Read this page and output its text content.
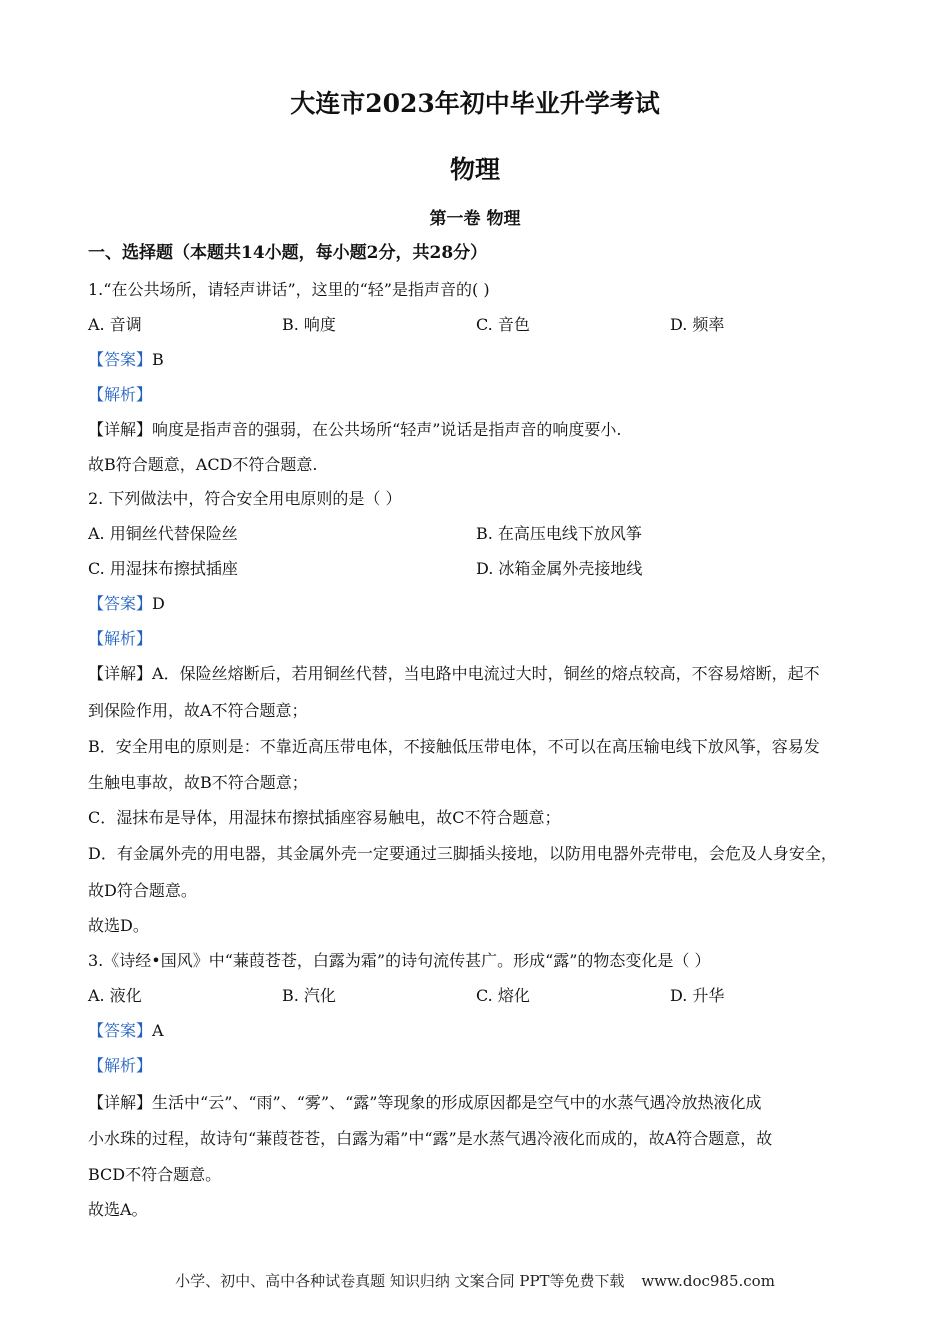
大连市2023年初中毕业升学考试
物理
第一卷 物理
一、选择题（本题共14小题，每小题2分，共28分）
1.“在公共场所，请轻声讲话”，这里的“轻”是指声音的( )
A. 音调	B. 响度	C. 音色	D. 频率
【答案】B
【解析】
【详解】响度是指声音的强弱，在公共场所“轻声”说话是指声音的响度要小.
故B符合题意，ACD不符合题意.
2. 下列做法中，符合安全用电原则的是（ ）
A. 用铜丝代替保险丝	B. 在高压电线下放风筝
C. 用湿抹布擦拭插座	D. 冰箱金属外壳接地线
【答案】D
【解析】
【详解】A．保险丝熔断后，若用铜丝代替，当电路中电流过大时，铜丝的熔点较高，不容易熔断，起不
到保险作用，故A不符合题意；
B．安全用电的原则是：不靠近高压带电体，不接触低压带电体，不可以在高压输电线下放风筝，容易发
生触电事故，故B不符合题意；
C．湿抹布是导体，用湿抹布擦拭插座容易触电，故C不符合题意；
D．有金属外壳的用电器，其金属外壳一定要通过三脚插头接地，以防用电器外壳带电，会危及人身安全，
故D符合题意。
故选D。
3.《诗经•国风》中“蒹葭苍苍，白露为霜”的诗句流传甚广。形成“露”的物态变化是（ ）
A. 液化	B. 汽化	C. 熔化	D. 升华
【答案】A
【解析】
【详解】生活中“云”、“雨”、“雾”、“露”等现象的形成原因都是空气中的水蒸气遇冷放热液化成
小水珠的过程，故诗句“蒹葭苍苍，白露为霜”中“露”是水蒸气遇冷液化而成的，故A符合题意，故
BCD不符合题意。
故选A。
小学、初中、高中各种试卷真题 知识归纳 文案合同 PPT等免费下载 www.doc985.com
